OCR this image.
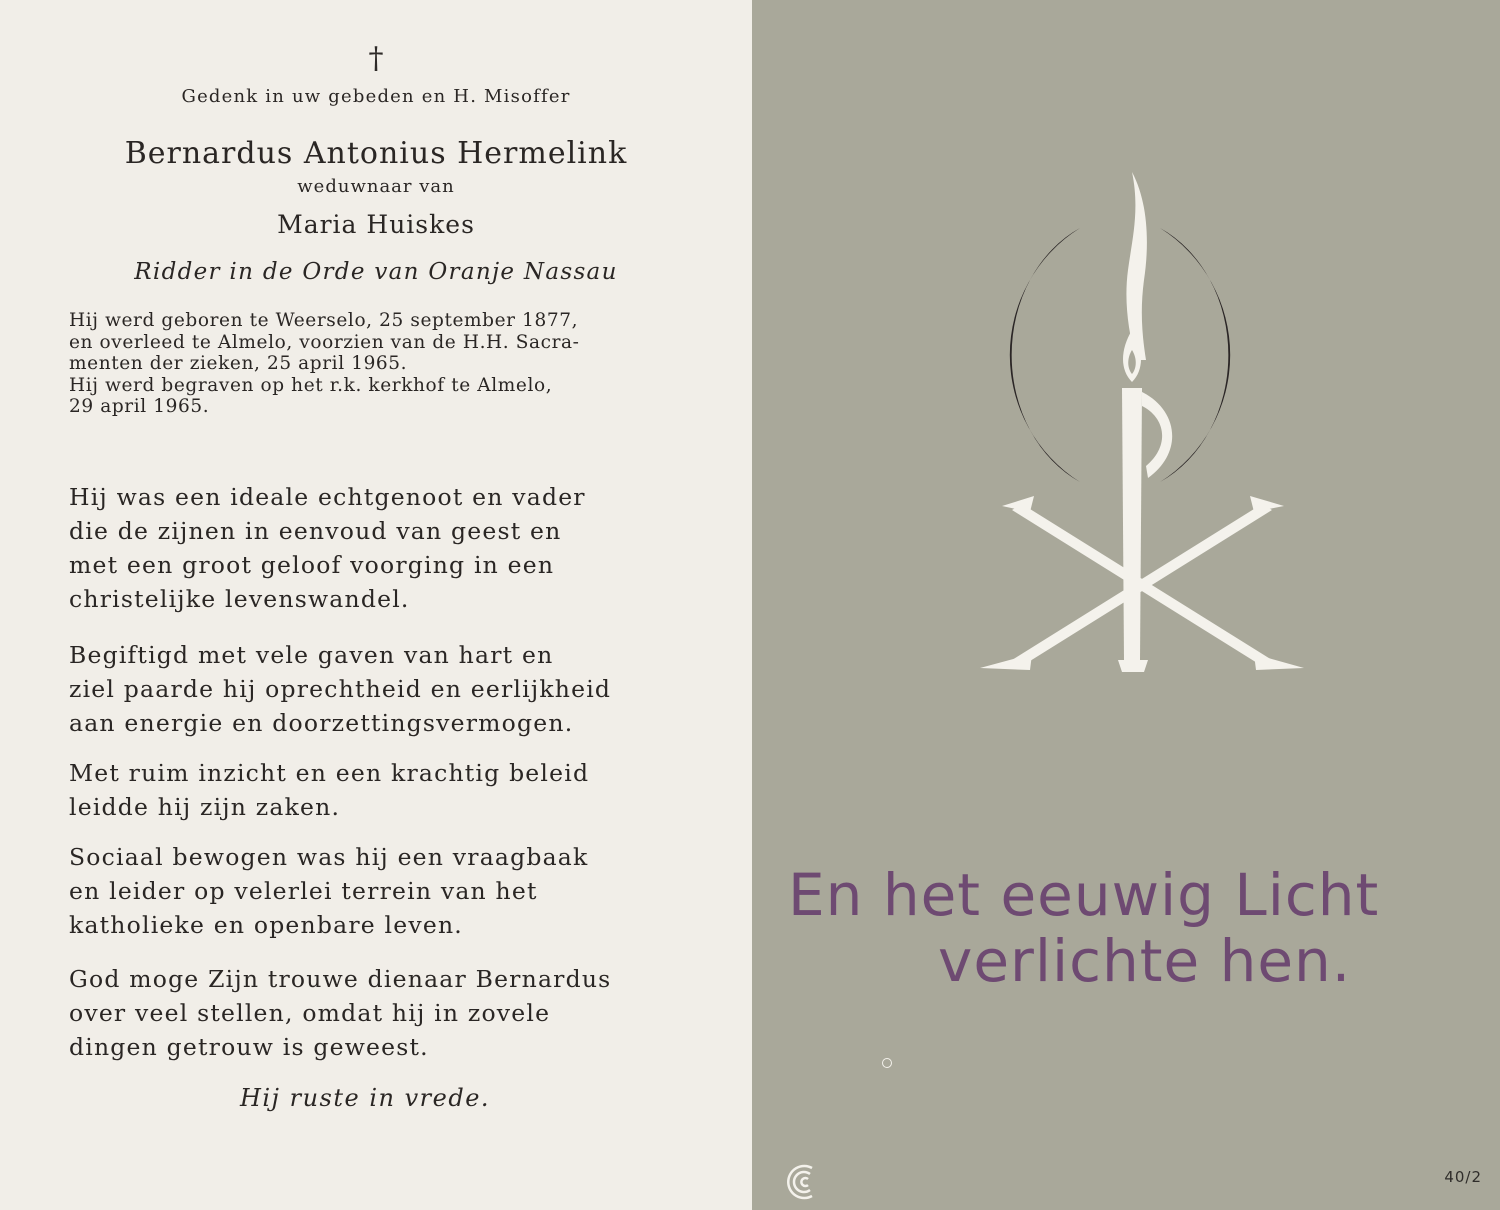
†
Gedenk in uw gebeden en H. Misoffer
Bernardus Antonius Hermelink
weduwnaar van
Maria Huiskes
Ridder in de Orde van Oranje Nassau
Hij werd geboren te Weerselo, 25 september 1877,
en overleed te Almelo, voorzien van de H.H. Sacra-
menten der zieken, 25 april 1965.
Hij werd begraven op het r.k. kerkhof te Almelo,
29 april 1965.
Hij was een ideale echtgenoot en vader
die de zijnen in eenvoud van geest en
met een groot geloof voorging in een
christelijke levenswandel.
Begiftigd met vele gaven van hart en
ziel paarde hij oprechtheid en eerlijkheid
aan energie en doorzettingsvermogen.
Met ruim inzicht en een krachtig beleid
leidde hij zijn zaken.
Sociaal bewogen was hij een vraagbaak
en leider op velerlei terrein van het
katholieke en openbare leven.
God moge Zijn trouwe dienaar Bernardus
over veel stellen, omdat hij in zovele
dingen getrouw is geweest.
Hij ruste in vrede.
En het eeuwig Licht
verlichte hen.
40/2
